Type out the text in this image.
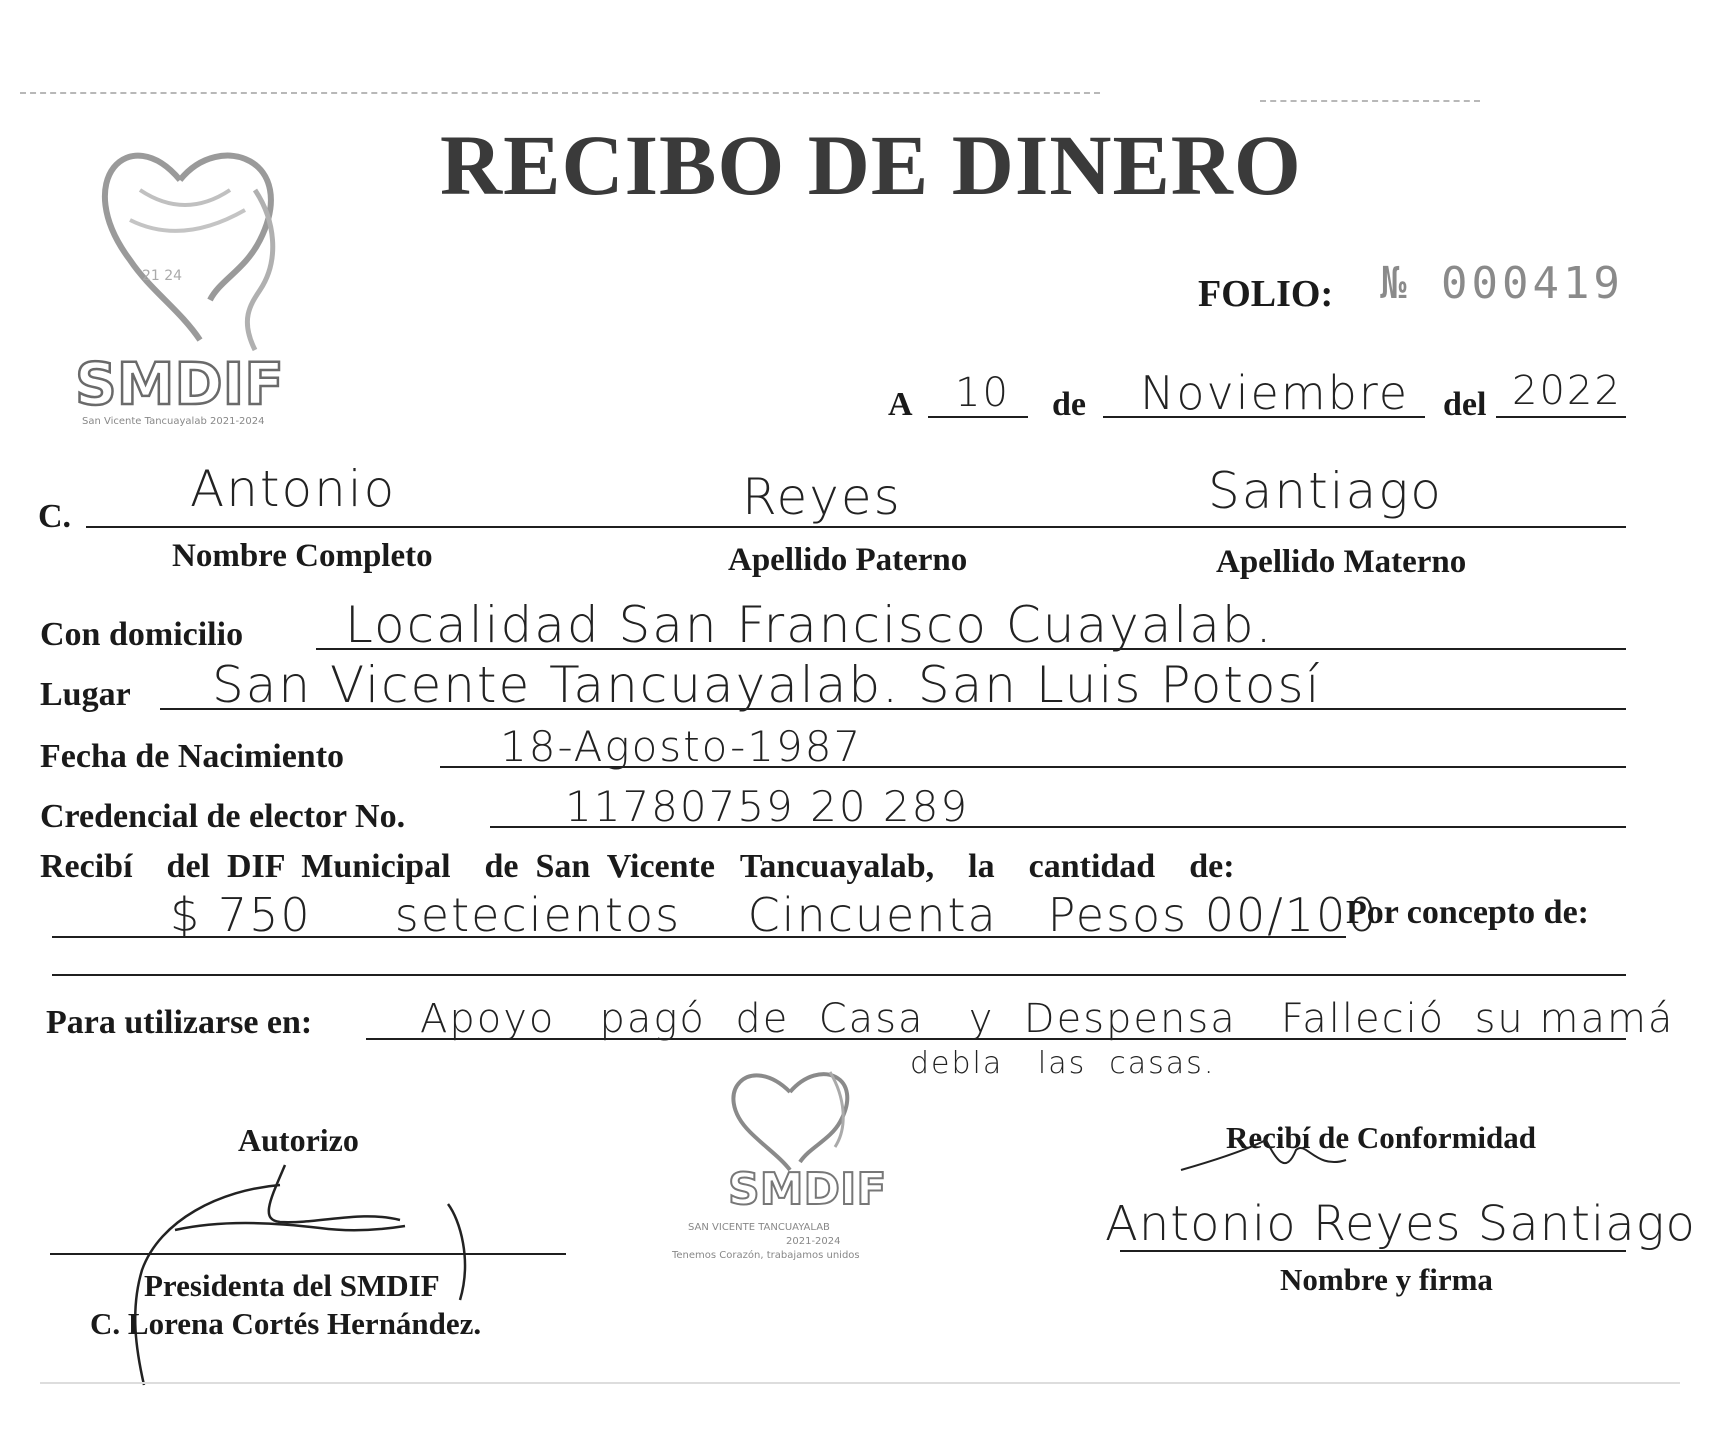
21 24
SMDIF
San Vicente Tancuayalab 2021-2024
RECIBO DE DINERO
FOLIO: № 000419
A 10 de Noviembre del 2022
C. Antonio	Reyes	Santiago
Nombre Completo	Apellido Paterno	Apellido Materno
Con domicilio Localidad San Francisco Cuayalab.
Lugar San Vicente Tancuayalab. San Luis Potosí
Fecha de Nacimiento	18-Agosto-1987
Credencial de elector No.	11780759 20 289
Recibí    del  DIF  Municipal    de  San  Vicente   Tancuayalab,    la    cantidad    de:
$ 750     setecientos    Cincuenta   Pesos 00/100
Por concepto de:
Para utilizarse en:	Apoyo   pagó  de  Casa   y  Despensa   Falleció  su mamá
debla   las  casas.
SMDIF
SAN VICENTE TANCUAYALAB
2021-2024
Tenemos Corazón, trabajamos unidos
Autorizo
Presidenta del SMDIF
C. Lorena Cortés Hernández.
Recibí de Conformidad
Antonio Reyes Santiago
Nombre y firma
